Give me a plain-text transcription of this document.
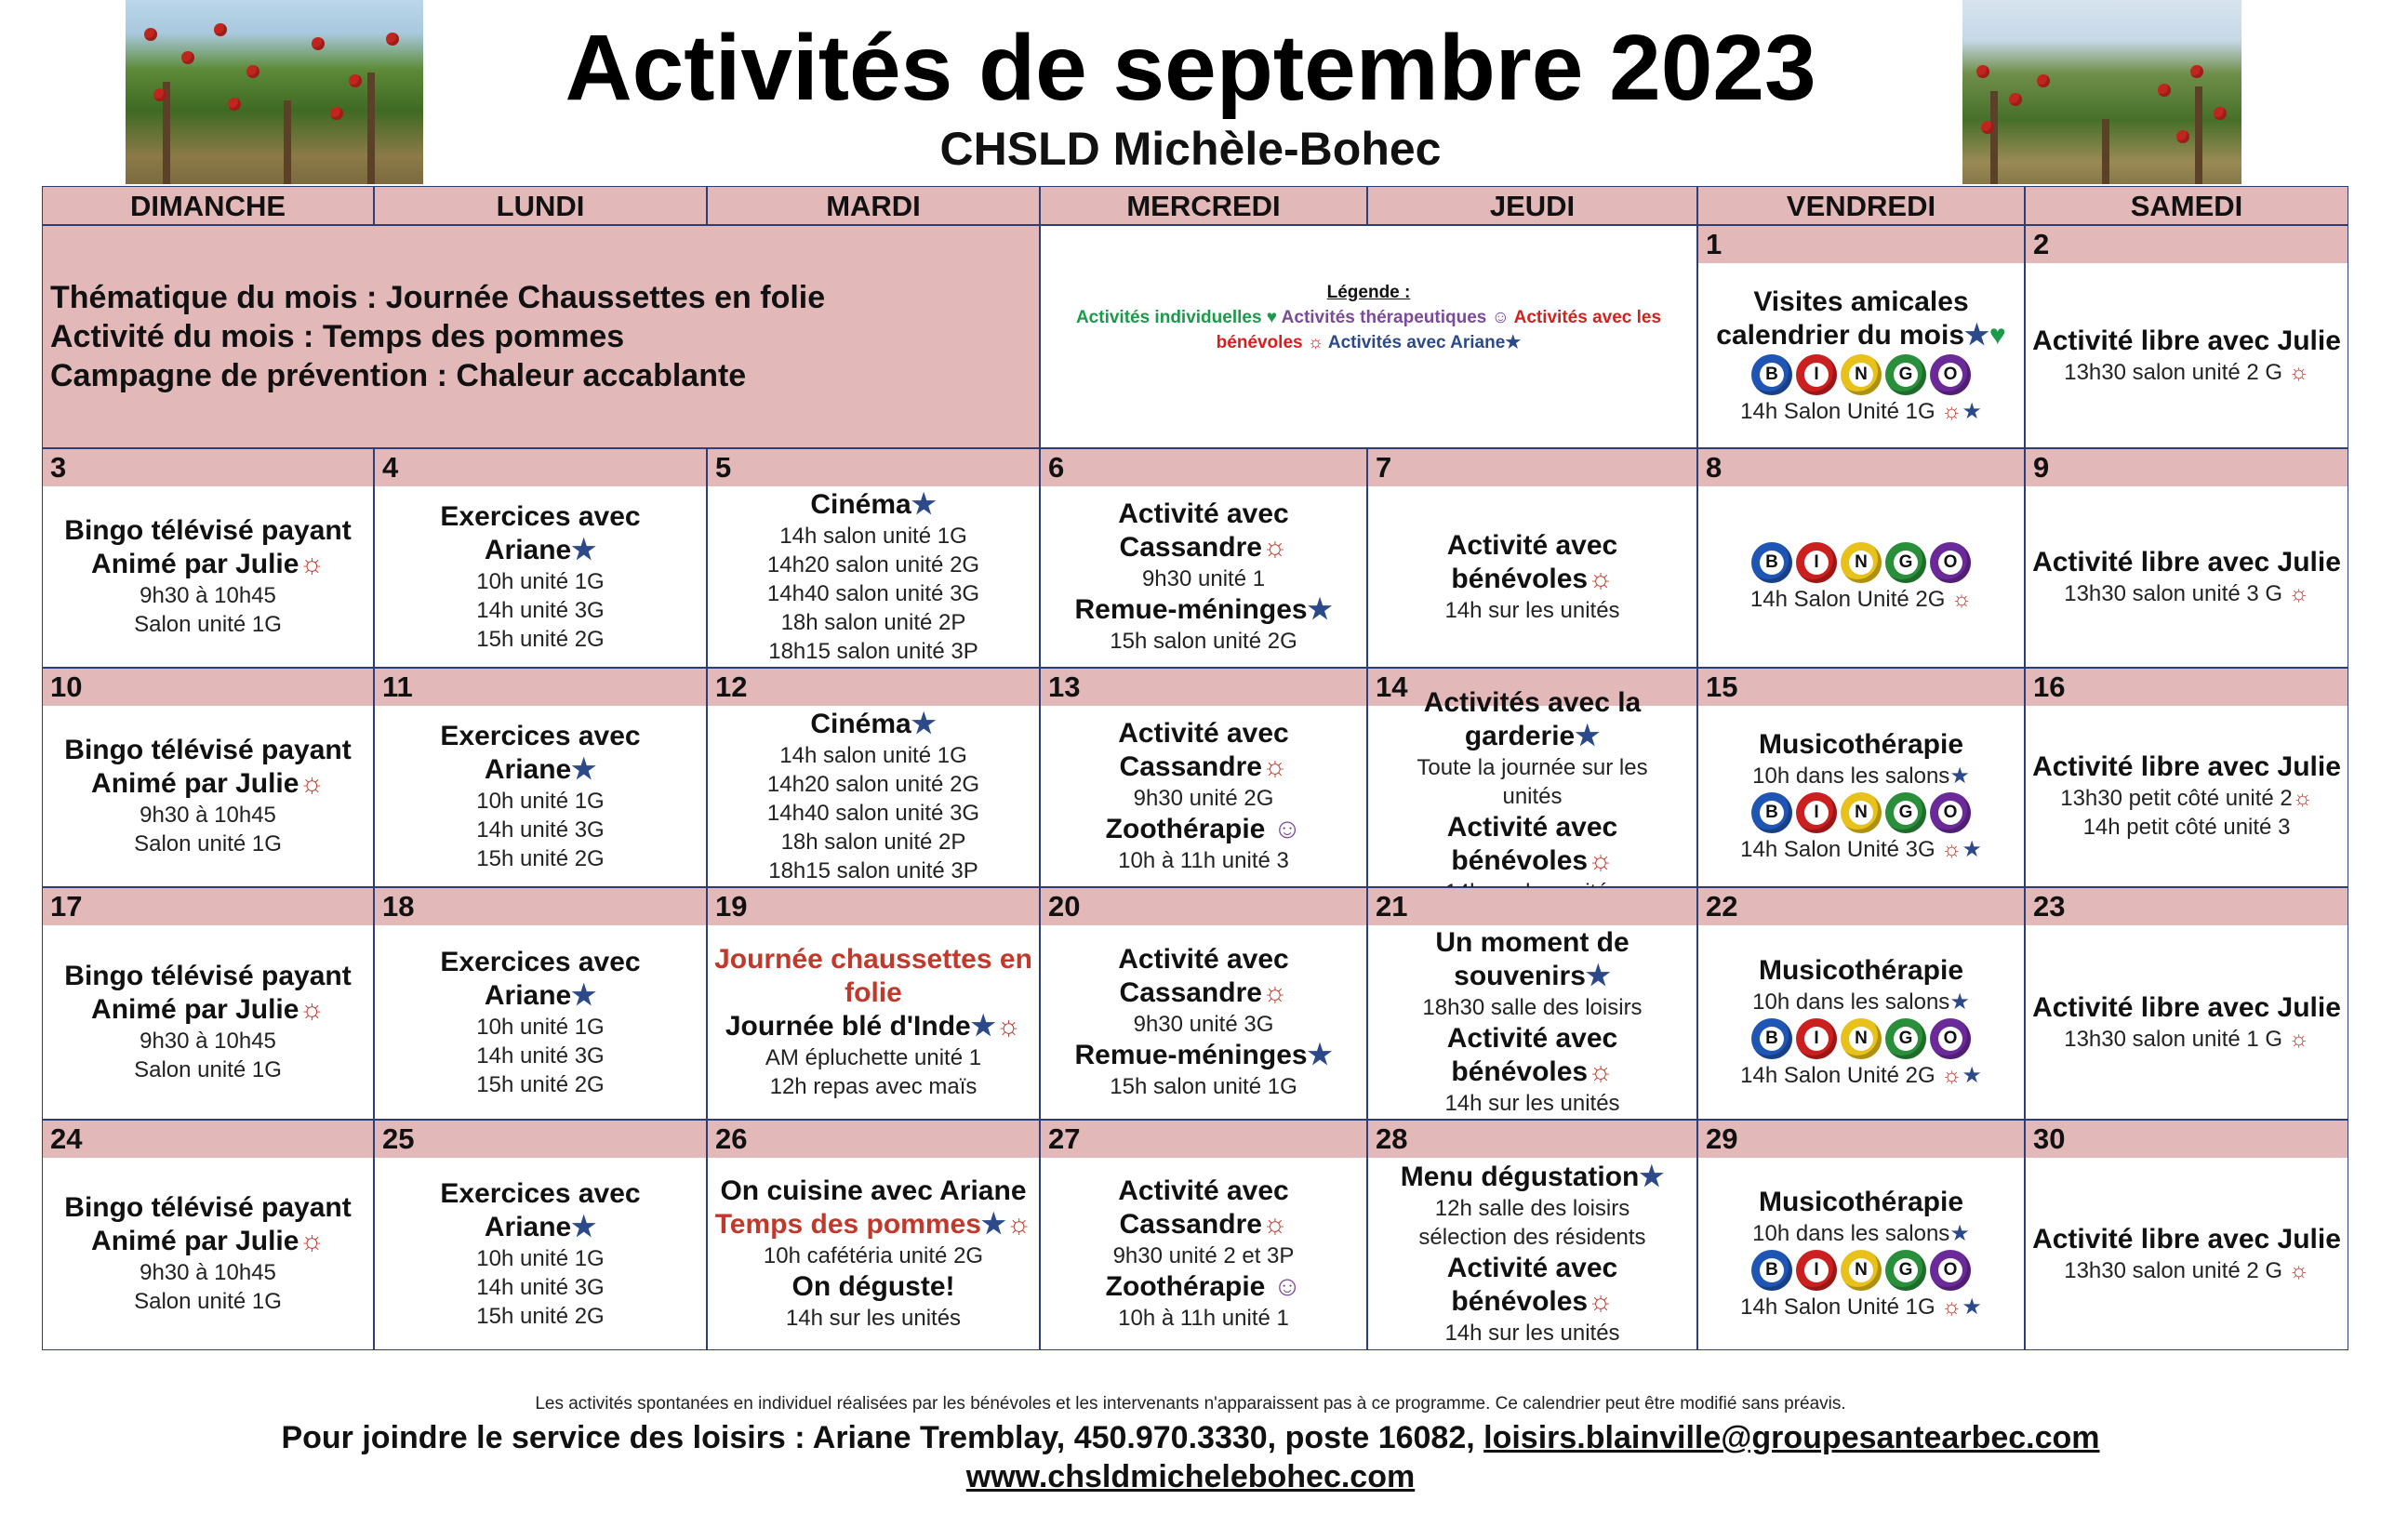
Activités de septembre 2023
CHSLD Michèle-Bohec
Thématique du mois : Journée Chaussettes en folie
Activité du mois : Temps des pommes
Campagne de prévention : Chaleur accablante
Légende :
Activités individuelles ♥ Activités thérapeutiques ☺ Activités avec les bénévoles ☼ Activités avec Ariane★
DIMANCHE	LUNDI	MARDI	MERCREDI	JEUDI	VENDREDI	SAMEDI
1
Visites amicales
calendrier du mois★♥
B	I	N	G O
14h Salon Unité 1G ☼★
2
Activité libre avec Julie
13h30 salon unité 2 G ☼
3
Bingo télévisé payant
Animé par Julie☼
9h30 à 10h45
Salon unité 1G
4
Exercices avec
Ariane★
10h unité 1G
14h unité 3G
15h unité 2G
5
Cinéma★
14h salon unité 1G
14h20 salon unité 2G
14h40 salon unité 3G
18h salon unité 2P
18h15 salon unité 3P
6
Activité avec
Cassandre☼
9h30 unité 1
Remue-méninges★
15h salon unité 2G
7
Activité avec
bénévoles☼
14h sur les unités
8
B	I	N	G O
14h Salon Unité 2G ☼
9
Activité libre avec Julie
13h30 salon unité 3 G ☼
10
Bingo télévisé payant
Animé par Julie☼
9h30 à 10h45
Salon unité 1G
11
Exercices avec
Ariane★
10h unité 1G
14h unité 3G
15h unité 2G
12
Cinéma★
14h salon unité 1G
14h20 salon unité 2G
14h40 salon unité 3G
18h salon unité 2P
18h15 salon unité 3P
13
Activité avec
Cassandre☼
9h30 unité 2G
Zoothérapie ☺
10h à 11h unité 3
14 Activités avec la
garderie★
Toute la journée sur les
unités
Activité avec
bénévoles☼
15
Musicothérapie
10h dans les salons★
B	I	N	G O
14h Salon Unité 3G ☼★
16
Activité libre avec Julie
13h30 petit côté unité 2☼
14h petit côté unité 3
17
Bingo télévisé payant
Animé par Julie☼
9h30 à 10h45
Salon unité 1G
18
Exercices avec
Ariane★
10h unité 1G
14h unité 3G
15h unité 2G
19
Journée chaussettes en
folie
Journée blé d'Inde★☼
AM épluchette unité 1
12h repas avec maïs
20
Activité avec
Cassandre☼
9h30 unité 3G
Remue-méninges★
15h salon unité 1G
21
Un moment de
souvenirs★
18h30 salle des loisirs
Activité avec
bénévoles☼
14h sur les unités
22
Musicothérapie
10h dans les salons★
B	I	N	G O
14h Salon Unité 2G ☼★
23
Activité libre avec Julie
13h30 salon unité 1 G ☼
24
Bingo télévisé payant
Animé par Julie☼
9h30 à 10h45
Salon unité 1G
25
Exercices avec
Ariane★
10h unité 1G
14h unité 3G
15h unité 2G
26
On cuisine avec Ariane
Temps des pommes★☼
10h cafétéria unité 2G
On déguste!
14h sur les unités
27
Activité avec
Cassandre☼
9h30 unité 2 et 3P
Zoothérapie ☺
10h à 11h unité 1
28
Menu dégustation★
12h salle des loisirs
sélection des résidents
Activité avec
bénévoles☼
14h sur les unités
29
Musicothérapie
10h dans les salons★
B	I	N	G O
14h Salon Unité 1G ☼★
30
Activité libre avec Julie
13h30 salon unité 2 G ☼
Les activités spontanées en individuel réalisées par les bénévoles et les intervenants n'apparaissent pas à ce programme. Ce calendrier peut être modifié sans préavis.
Pour joindre le service des loisirs : Ariane Tremblay, 450.970.3330, poste 16082, loisirs.blainville@groupesantearbec.com
www.chsldmichelebohec.com
